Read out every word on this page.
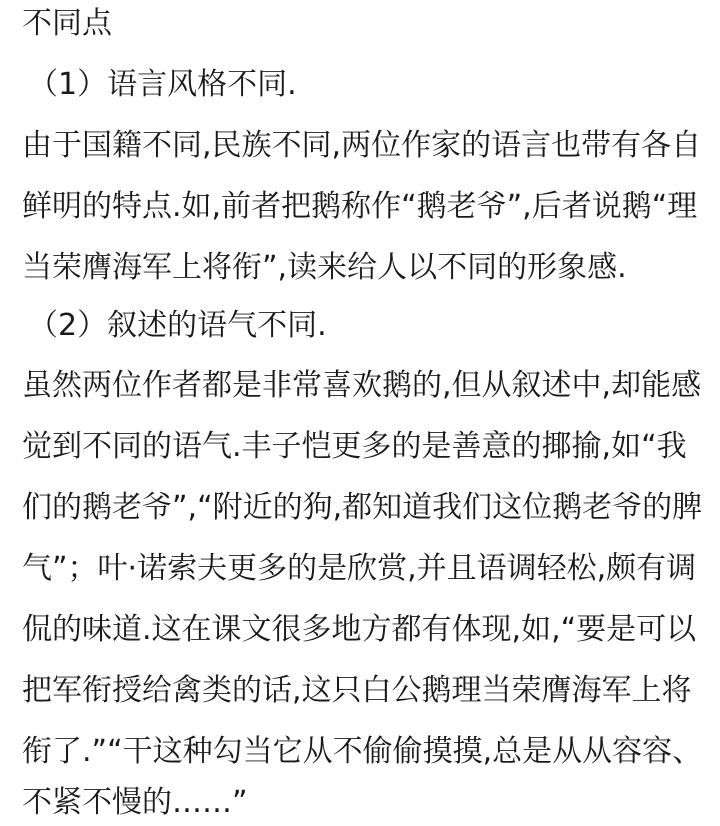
不同点
（1）语言风格不同.
由于国籍不同,民族不同,两位作家的语言也带有各自
鲜明的特点.如,前者把鹅称作“鹅老爷”,后者说鹅“理
当荣膺海军上将衔”,读来给人以不同的形象感.
（2）叙述的语气不同.
虽然两位作者都是非常喜欢鹅的,但从叙述中,却能感
觉到不同的语气.丰子恺更多的是善意的揶揄,如“我
们的鹅老爷”,“附近的狗,都知道我们这位鹅老爷的脾
气”；叶·诺索夫更多的是欣赏,并且语调轻松,颇有调
侃的味道.这在课文很多地方都有体现,如,“要是可以
把军衔授给禽类的话,这只白公鹅理当荣膺海军上将
衔了.”“干这种勾当它从不偷偷摸摸,总是从从容容、
不紧不慢的……”
